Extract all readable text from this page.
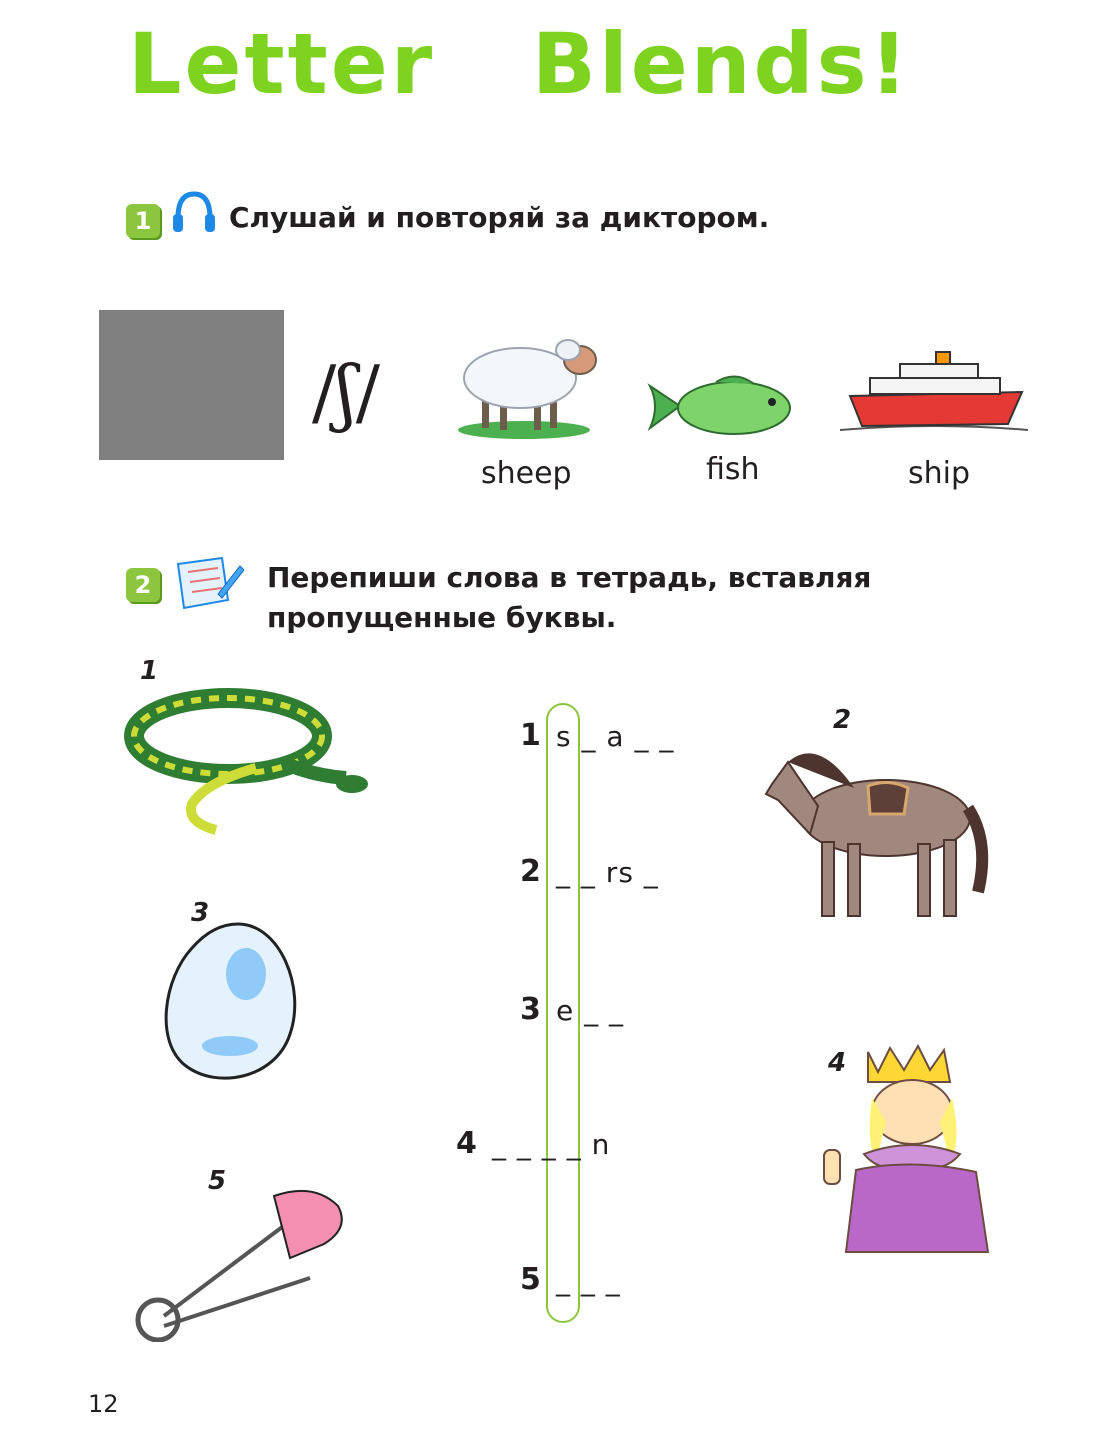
Letter   Blends!
1	Слушай и повторяй за диктором.
/ʃ/
sheep	fish	ship
2	Перепиши слова в тетрадь, вставляя
пропущенные буквы.
1
2
3
4
5
1 s _ a _ _
2 _ _ rs _
3 e _ _
4 _ _ _ _ n
5 _ _ _
12
